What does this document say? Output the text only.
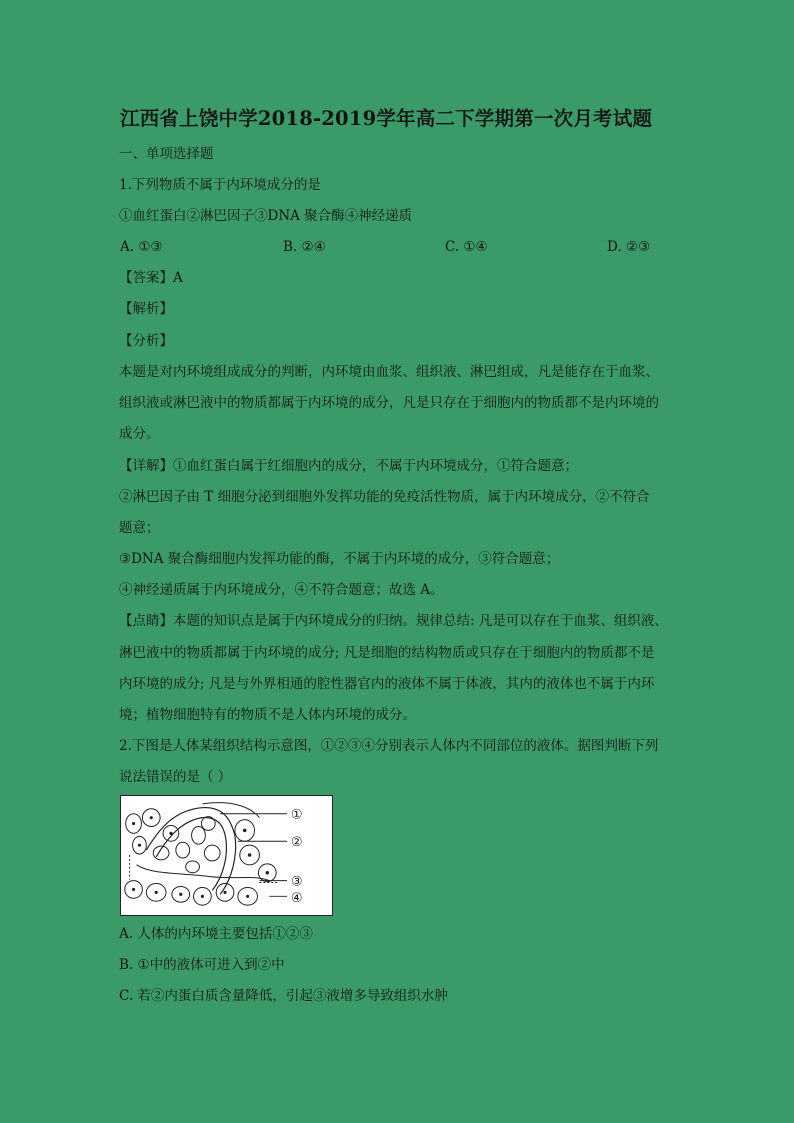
江西省上饶中学2018-2019学年高二下学期第一次月考试题
一、单项选择题
1.下列物质不属于内环境成分的是
①血红蛋白②淋巴因子③DNA 聚合酶④神经递质
A. ①③	B. ②④	C. ①④	D. ②③
【答案】A
【解析】
【分析】
本题是对内环境组成成分的判断，内环境由血浆、组织液、淋巴组成，凡是能存在于血浆、
组织液或淋巴液中的物质都属于内环境的成分，凡是只存在于细胞内的物质都不是内环境的
成分。
【详解】①血红蛋白属于红细胞内的成分，不属于内环境成分，①符合题意；
②淋巴因子由 T 细胞分泌到细胞外发挥功能的免疫活性物质，属于内环境成分，②不符合
题意；
③DNA 聚合酶细胞内发挥功能的酶，不属于内环境的成分，③符合题意；
④神经递质属于内环境成分，④不符合题意；故选 A。
【点睛】本题的知识点是属于内环境成分的归纳。规律总结: 凡是可以存在于血浆、组织液、
淋巴液中的物质都属于内环境的成分; 凡是细胞的结构物质或只存在于细胞内的物质都不是
内环境的成分; 凡是与外界相通的腔性器官内的液体不属于体液，其内的液体也不属于内环
境；植物细胞特有的物质不是人体内环境的成分。
2.下图是人体某组织结构示意图，①②③④分别表示人体内不同部位的液体。据图判断下列
说法错误的是（ ）
①
②
③
④
A. 人体的内环境主要包括①②③
B. ①中的液体可进入到②中
C. 若②内蛋白质含量降低，引起③液增多导致组织水肿
